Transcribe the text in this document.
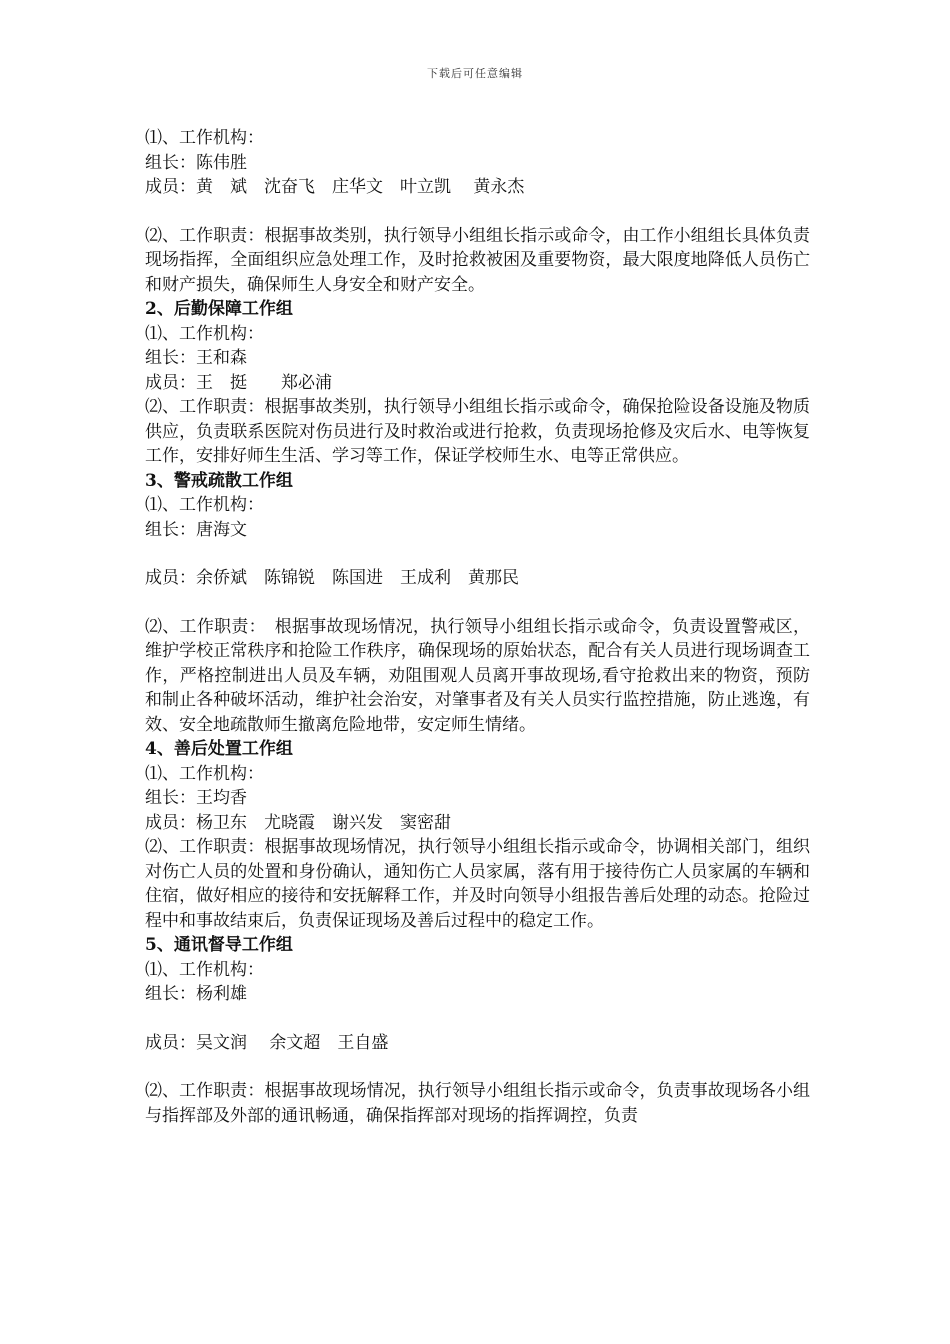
下载后可任意编辑

⑴、工作机构：

组长：陈伟胜

成员：黄　斌　沈奋飞　庄华文　叶立凯　 黄永杰

⑵、工作职责：根据事故类别，执行领导小组组长指示或命令，由工作小组组长具体负责现场指挥，全面组织应急处理工作，及时抢救被困及重要物资，最大限度地降低人员伤亡和财产损失，确保师生人身安全和财产安全。

2、后勤保障工作组

⑴、工作机构：

组长：王和森

成员：王　挺　　郑必浦

⑵、工作职责：根据事故类别，执行领导小组组长指示或命令，确保抢险设备设施及物质供应，负责联系医院对伤员进行及时救治或进行抢救，负责现场抢修及灾后水、电等恢复工作，安排好师生生活、学习等工作，保证学校师生水、电等正常供应。

3、警戒疏散工作组

⑴、工作机构：

组长：唐海文

成员：余侨斌　陈锦锐　陈国进　王成利　黄那民

⑵、工作职责：　根据事故现场情况，执行领导小组组长指示或命令，负责设置警戒区，维护学校正常秩序和抢险工作秩序，确保现场的原始状态，配合有关人员进行现场调查工作，严格控制进出人员及车辆，劝阻围观人员离开事故现场,看守抢救出来的物资，预防和制止各种破坏活动，维护社会治安，对肇事者及有关人员实行监控措施，防止逃逸，有效、安全地疏散师生撤离危险地带，安定师生情绪。

4、善后处置工作组

⑴、工作机构：

组长：王均香

成员：杨卫东　尤晓霞　谢兴发　窦密甜

⑵、工作职责：根据事故现场情况，执行领导小组组长指示或命令，协调相关部门，组织对伤亡人员的处置和身份确认，通知伤亡人员家属，落有用于接待伤亡人员家属的车辆和住宿，做好相应的接待和安抚解释工作，并及时向领导小组报告善后处理的动态。抢险过程中和事故结束后，负责保证现场及善后过程中的稳定工作。

5、通讯督导工作组

⑴、工作机构：

组长：杨利雄

成员：吴文润　 余文超　王自盛

⑵、工作职责：根据事故现场情况，执行领导小组组长指示或命令，负责事故现场各小组与指挥部及外部的通讯畅通，确保指挥部对现场的指挥调控，负责
